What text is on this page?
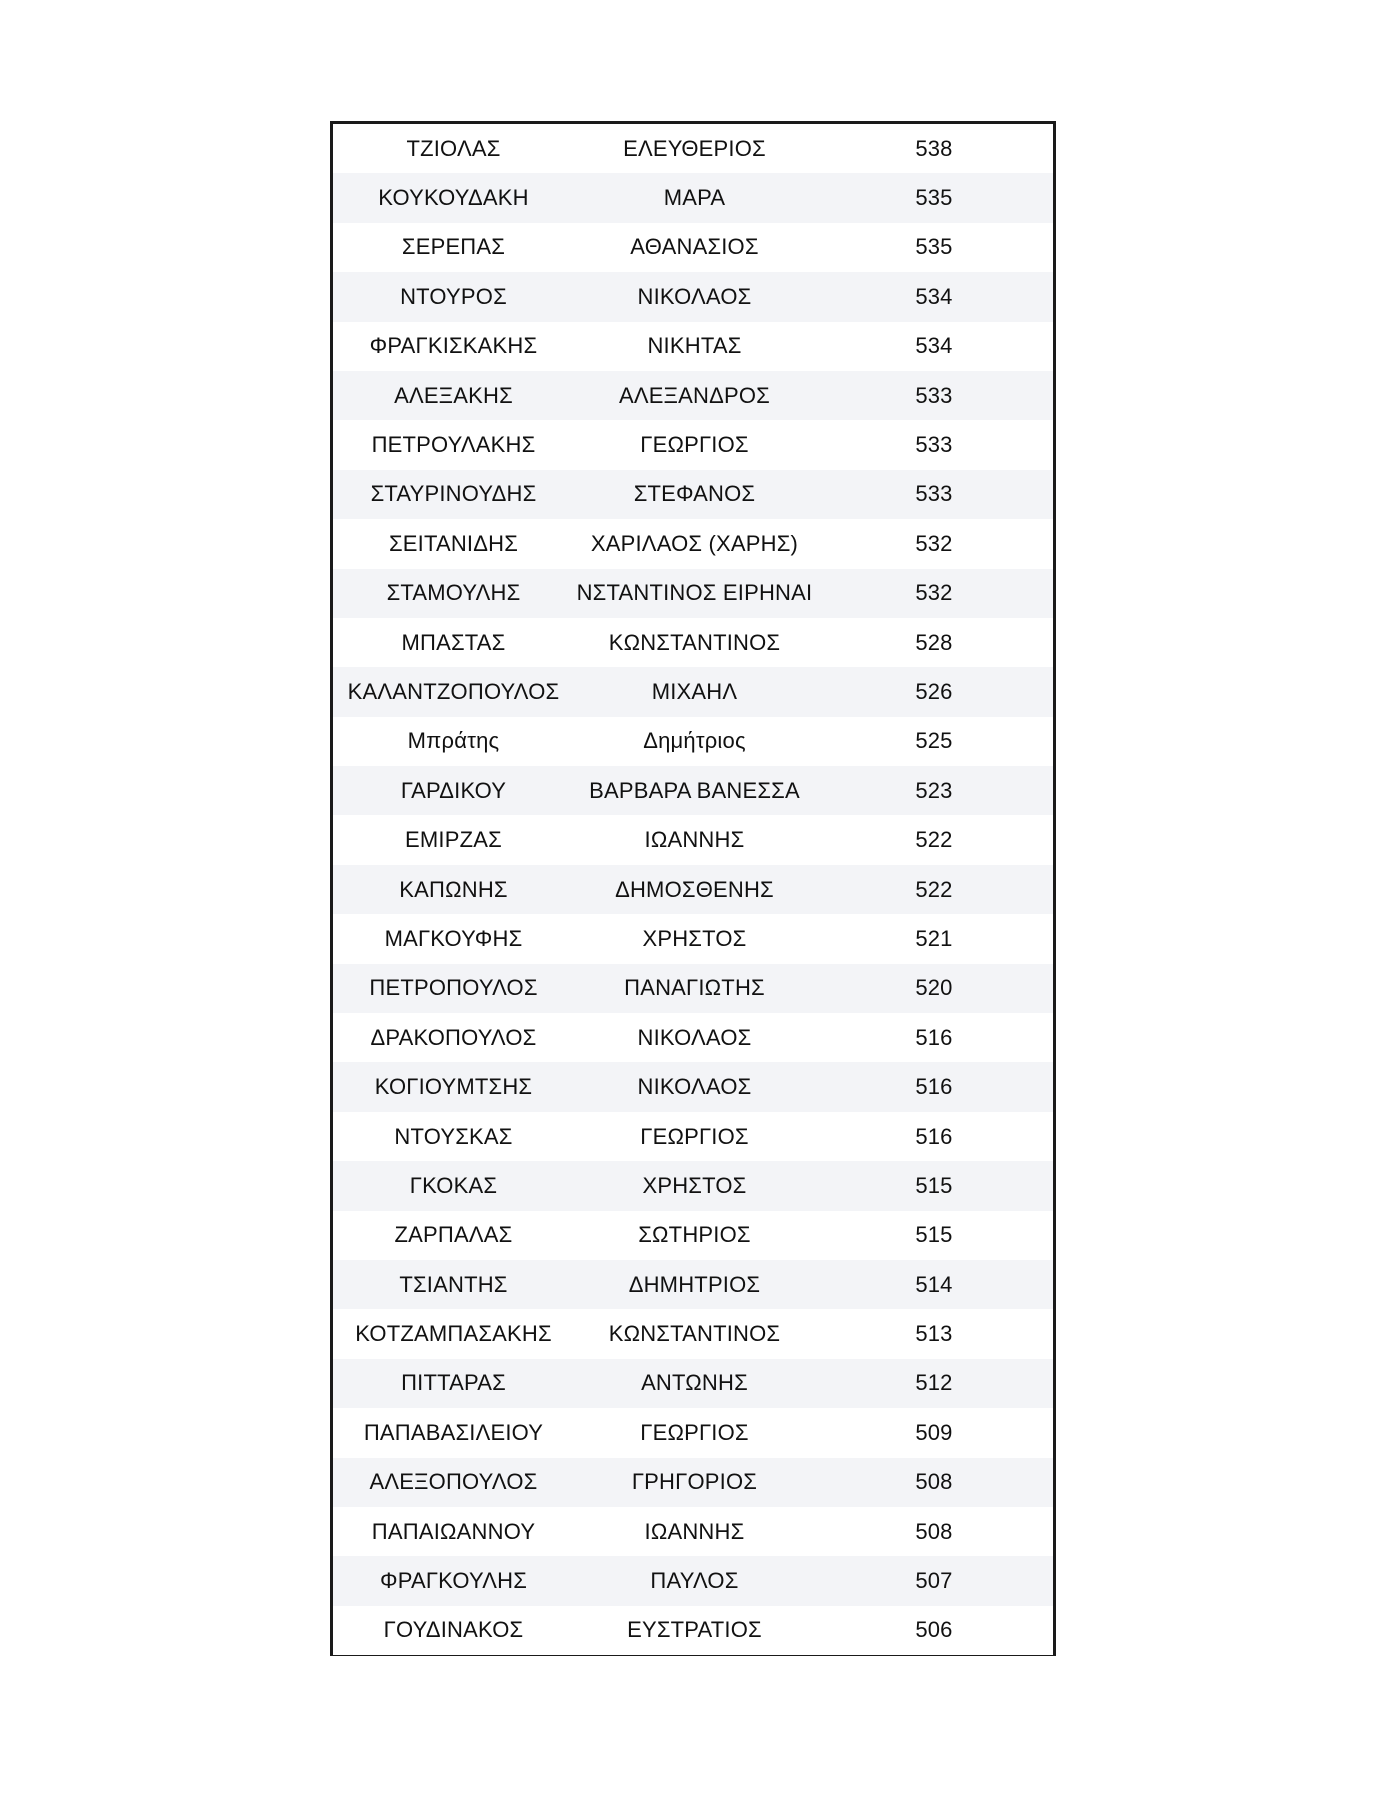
ΤΖΙΟΛΑΣ	ΕΛΕΥΘΕΡΙΟΣ	538
ΚΟΥΚΟΥΔΑΚΗ	ΜΑΡΑ	535
ΣΕΡΕΠΑΣ	ΑΘΑΝΑΣΙΟΣ	535
ΝΤΟΥΡΟΣ	ΝΙΚΟΛΑΟΣ	534
ΦΡΑΓΚΙΣΚΑΚΗΣ	ΝΙΚΗΤΑΣ	534
ΑΛΕΞΑΚΗΣ	ΑΛΕΞΑΝΔΡΟΣ	533
ΠΕΤΡΟΥΛΑΚΗΣ	ΓΕΩΡΓΙΟΣ	533
ΣΤΑΥΡΙΝΟΥΔΗΣ	ΣΤΕΦΑΝΟΣ	533
ΣΕΙΤΑΝΙΔΗΣ	ΧΑΡΙΛΑΟΣ (ΧΑΡΗΣ)	532
ΣΤΑΜΟΥΛΗΣ	ΝΣΤΑΝΤΙΝΟΣ ΕΙΡΗΝΑΙ	532
ΜΠΑΣΤΑΣ	ΚΩΝΣΤΑΝΤΙΝΟΣ	528
ΚΑΛΑΝΤΖΟΠΟΥΛΟΣ	ΜΙΧΑΗΛ	526
Μπράτης	Δημήτριος	525
ΓΑΡΔΙΚΟΥ	ΒΑΡΒΑΡΑ ΒΑΝΕΣΣΑ	523
ΕΜΙΡΖΑΣ	ΙΩΑΝΝΗΣ	522
ΚΑΠΩΝΗΣ	ΔΗΜΟΣΘΕΝΗΣ	522
ΜΑΓΚΟΥΦΗΣ	ΧΡΗΣΤΟΣ	521
ΠΕΤΡΟΠΟΥΛΟΣ	ΠΑΝΑΓΙΩΤΗΣ	520
ΔΡΑΚΟΠΟΥΛΟΣ	ΝΙΚΟΛΑΟΣ	516
ΚΟΓΙΟΥΜΤΣΗΣ	ΝΙΚΟΛΑΟΣ	516
ΝΤΟΥΣΚΑΣ	ΓΕΩΡΓΙΟΣ	516
ΓΚΟΚΑΣ	ΧΡΗΣΤΟΣ	515
ΖΑΡΠΑΛΑΣ	ΣΩΤΗΡΙΟΣ	515
ΤΣΙΑΝΤΗΣ	ΔΗΜΗΤΡΙΟΣ	514
ΚΟΤΖΑΜΠΑΣΑΚΗΣ	ΚΩΝΣΤΑΝΤΙΝΟΣ	513
ΠΙΤΤΑΡΑΣ	ΑΝΤΩΝΗΣ	512
ΠΑΠΑΒΑΣΙΛΕΙΟΥ	ΓΕΩΡΓΙΟΣ	509
ΑΛΕΞΟΠΟΥΛΟΣ	ΓΡΗΓΟΡΙΟΣ	508
ΠΑΠΑΙΩΑΝΝΟΥ	ΙΩΑΝΝΗΣ	508
ΦΡΑΓΚΟΥΛΗΣ	ΠΑΥΛΟΣ	507
ΓΟΥΔΙΝΑΚΟΣ	ΕΥΣΤΡΑΤΙΟΣ	506
